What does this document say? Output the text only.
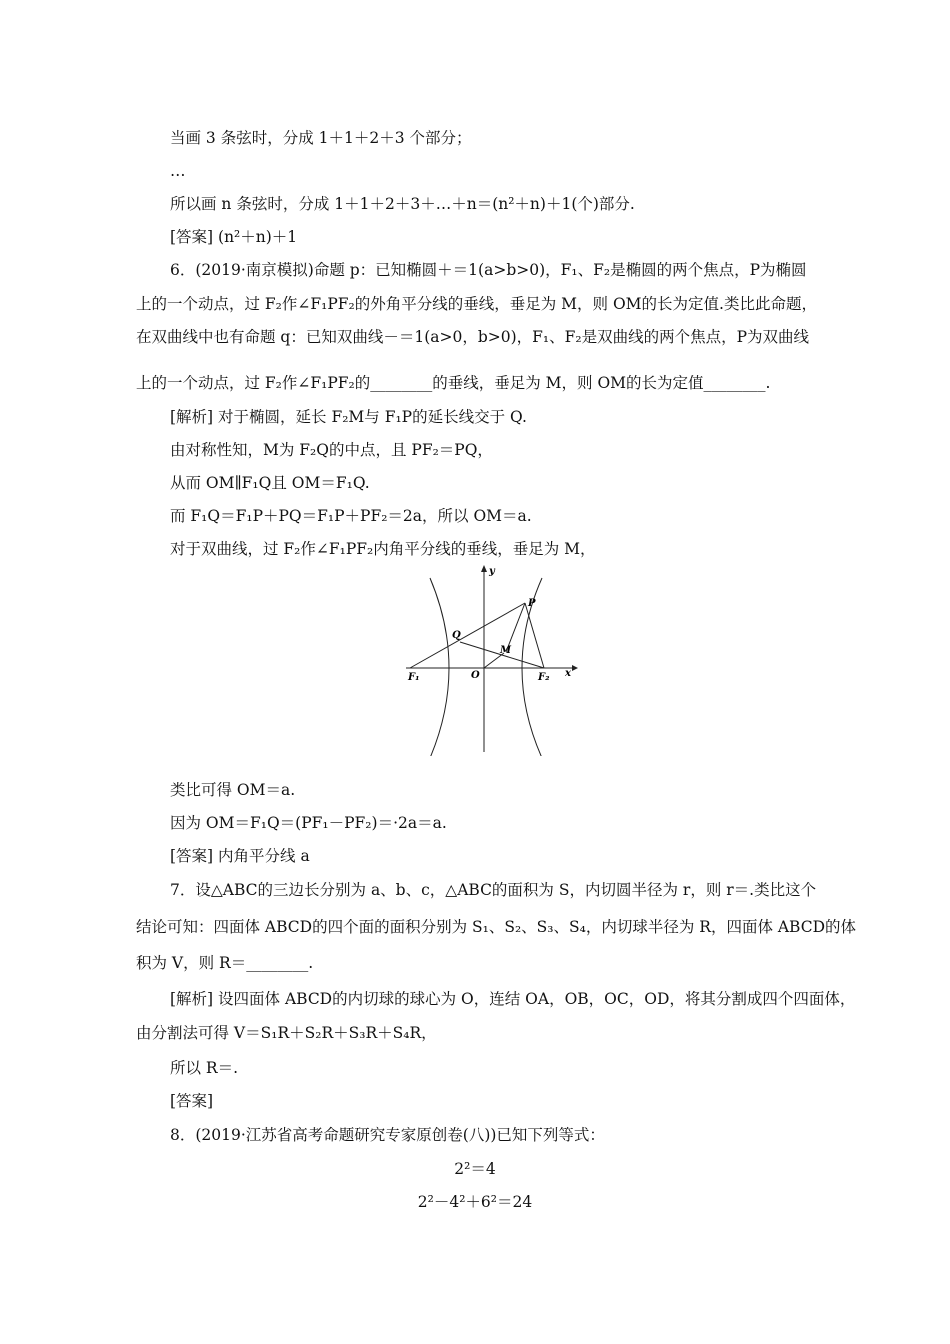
当画 3 条弦时，分成 1＋1＋2＋3 个部分；
…
所以画 n 条弦时，分成 1＋1＋2＋3＋…＋n＝(n²＋n)＋1(个)部分.
[答案] (n²＋n)＋1
6．(2019·南京模拟)命题 p：已知椭圆＋＝1(a>b>0)，F₁、F₂是椭圆的两个焦点，P为椭圆
上的一个动点，过 F₂作∠F₁PF₂的外角平分线的垂线，垂足为 M，则 OM的长为定值.类比此命题，
在双曲线中也有命题 q：已知双曲线－＝1(a>0，b>0)，F₁、F₂是双曲线的两个焦点，P为双曲线
上的一个动点，过 F₂作∠F₁PF₂的________的垂线，垂足为 M，则 OM的长为定值________.
[解析] 对于椭圆，延长 F₂M与 F₁P的延长线交于 Q.
由对称性知，M为 F₂Q的中点，且 PF₂＝PQ，
从而 OM∥F₁Q且 OM＝F₁Q.
而 F₁Q＝F₁P＋PQ＝F₁P＋PF₂＝2a，所以 OM＝a.
对于双曲线，过 F₂作∠F₁PF₂内角平分线的垂线，垂足为 M，
y
x
P
Q
M
O
F₁	F₂
类比可得 OM＝a.
因为 OM＝F₁Q＝(PF₁－PF₂)＝·2a＝a.
[答案] 内角平分线 a
7．设△ABC的三边长分别为 a、b、c，△ABC的面积为 S，内切圆半径为 r，则 r＝.类比这个
结论可知：四面体 ABCD的四个面的面积分别为 S₁、S₂、S₃、S₄，内切球半径为 R，四面体 ABCD的体
积为 V，则 R＝________.
[解析] 设四面体 ABCD的内切球的球心为 O，连结 OA，OB，OC，OD，将其分割成四个四面体，
由分割法可得 V＝S₁R＋S₂R＋S₃R＋S₄R，
所以 R＝.
[答案]
8．(2019·江苏省高考命题研究专家原创卷(八))已知下列等式：
2²＝4
2²－4²＋6²＝24
